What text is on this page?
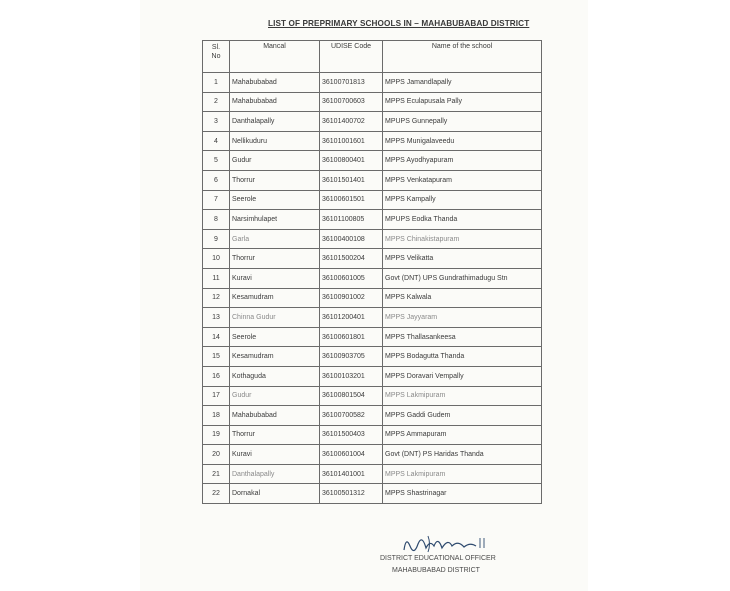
LIST OF PREPRIMARY SCHOOLS IN – MAHABUBABAD DISTRICT
Sl.
No	Mancal	UDISE Code	Name of the school
1	Mahabubabad	36100701813	MPPS Jamandlapally
2	Mahabubabad	36100700603	MPPS Eculapusala Pally
3	Danthalapally	36101400702	MPUPS Gunnepally
4	Nellikuduru	36101001601	MPPS Munigalaveedu
5	Gudur	36100800401	MPPS Ayodhyapuram
6	Thorrur	36101501401	MPPS Venkatapuram
7	Seerole	36100601501	MPPS Kampally
8	Narsimhulapet	36101100805	MPUPS Eodka Thanda
9	Garla	36100400108	MPPS Chinakistapuram
10	Thorrur	36101500204	MPPS Velikatta
11	Kuravi	36100601005	Govt (DNT) UPS Gundrathimadugu Stn
12	Kesamudram	36100901002	MPPS Kalwala
13	Chinna Gudur	36101200401	MPPS Jayyaram
14	Seerole	36100601801	MPPS Thallasankeesa
15	Kesamudram	36100903705	MPPS Bodagutta Thanda
16	Kothaguda	36100103201	MPPS Doravari Vempally
17	Gudur	36100801504	MPPS Lakmipuram
18	Mahabubabad	36100700582	MPPS Gaddi Gudem
19	Thorrur	36101500403	MPPS Ammapuram
20	Kuravi	36100601004	Govt (DNT) PS Haridas Thanda
21	Danthalapally	36101401001	MPPS Lakmipuram
22	Dornakal	36100501312	MPPS Shastrinagar
DISTRICT EDUCATIONAL OFFICER
MAHABUBABAD DISTRICT
